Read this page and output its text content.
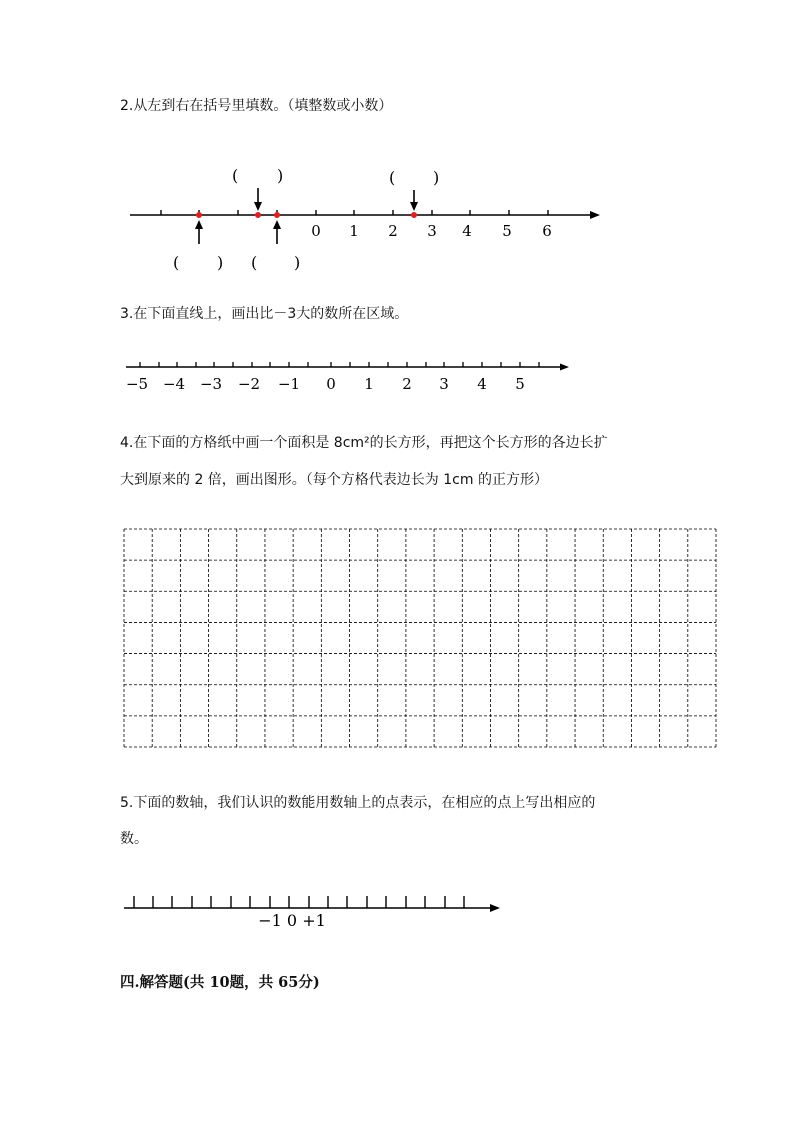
2.从左到右在括号里填数。（填整数或小数）
0 1 2 3 4 5 6
( )	( )
( ) ( )
3.在下面直线上，画出比－3大的数所在区域。
−5 −4 −3 −2 −1 0 1 2 3 4 5
4.在下面的方格纸中画一个面积是 8cm²的长方形，再把这个长方形的各边长扩
大到原来的 2 倍，画出图形。（每个方格代表边长为 1cm 的正方形）
5.下面的数轴，我们认识的数能用数轴上的点表示，在相应的点上写出相应的
数。
−1 0 +1
四.解答题(共 10题，共 65分)
